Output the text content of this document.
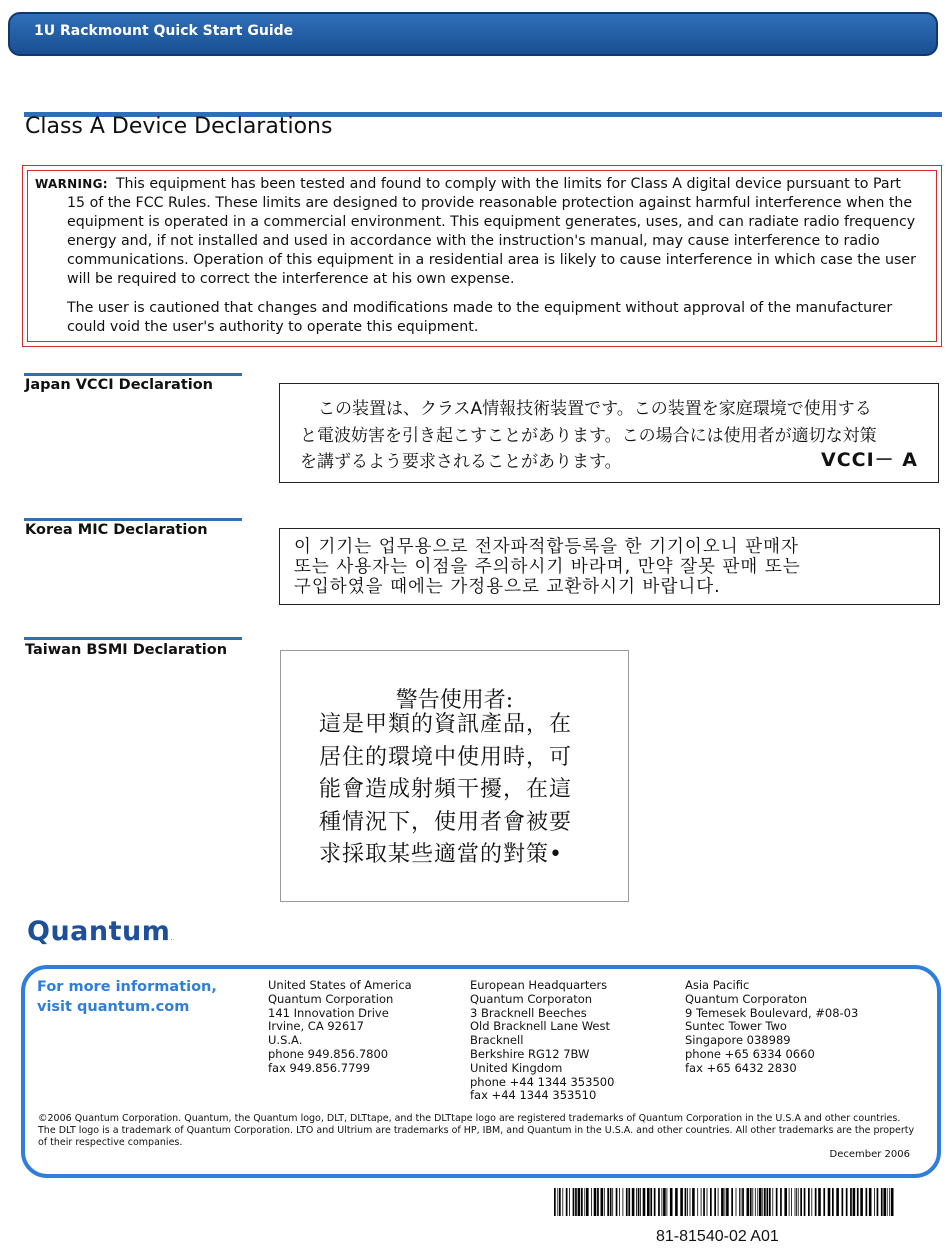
1U Rackmount Quick Start Guide
Class A Device Declarations

WARNING: This equipment has been tested and found to comply with the limits for Class A digital device pursuant to Part 15 of the FCC Rules. These limits are designed to provide reasonable protection against harmful interference when the equipment is operated in a commercial environment. This equipment generates, uses, and can radiate radio frequency energy and, if not installed and used in accordance with the instruction's manual, may cause interference to radio communications. Operation of this equipment in a residential area is likely to cause interference in which case the user will be required to correct the interference at his own expense.

The user is cautioned that changes and modifications made to the equipment without approval of the manufacturer could void the user's authority to operate this equipment.

Japan VCCI Declaration
この装置は、クラスA情報技術装置です。この装置を家庭環境で使用する
と電波妨害を引き起こすことがあります。この場合には使用者が適切な対策
を講ずるよう要求されることがあります。	VCCI－ A
Korea MIC Declaration
이 기기는 업무용으로 전자파적합등록을 한 기기이오니 판매자
또는 사용자는 이점을 주의하시기 바라며, 만약 잘못 판매 또는
구입하였을 때에는 가정용으로 교환하시기 바랍니다.
Taiwan BSMI Declaration
警告使用者:
這是甲類的資訊產品，在
居住的環境中使用時，可
能會造成射頻干擾，在這
種情況下，使用者會被要
求採取某些適當的對策•
Quantum.
For more information,
visit quantum.com
United States of America
Quantum Corporation
141 Innovation Drive
Irvine, CA 92617
U.S.A.
phone 949.856.7800
fax 949.856.7799
European Headquarters
Quantum Corporaton
3 Bracknell Beeches
Old Bracknell Lane West
Bracknell
Berkshire RG12 7BW
United Kingdom
phone +44 1344 353500
fax +44 1344 353510
Asia Pacific
Quantum Corporaton
9 Temesek Boulevard, #08-03
Suntec Tower Two
Singapore 038989
phone +65 6334 0660
fax +65 6432 2830
©2006 Quantum Corporation. Quantum, the Quantum logo, DLT, DLTtape, and the DLTtape logo are registered trademarks of Quantum Corporation in the U.S.A and other countries. The DLT logo is a trademark of Quantum Corporation. LTO and Ultrium are trademarks of HP, IBM, and Quantum in the U.S.A. and other countries. All other trademarks are the property of their respective companies.
December 2006
81-81540-02 A01
